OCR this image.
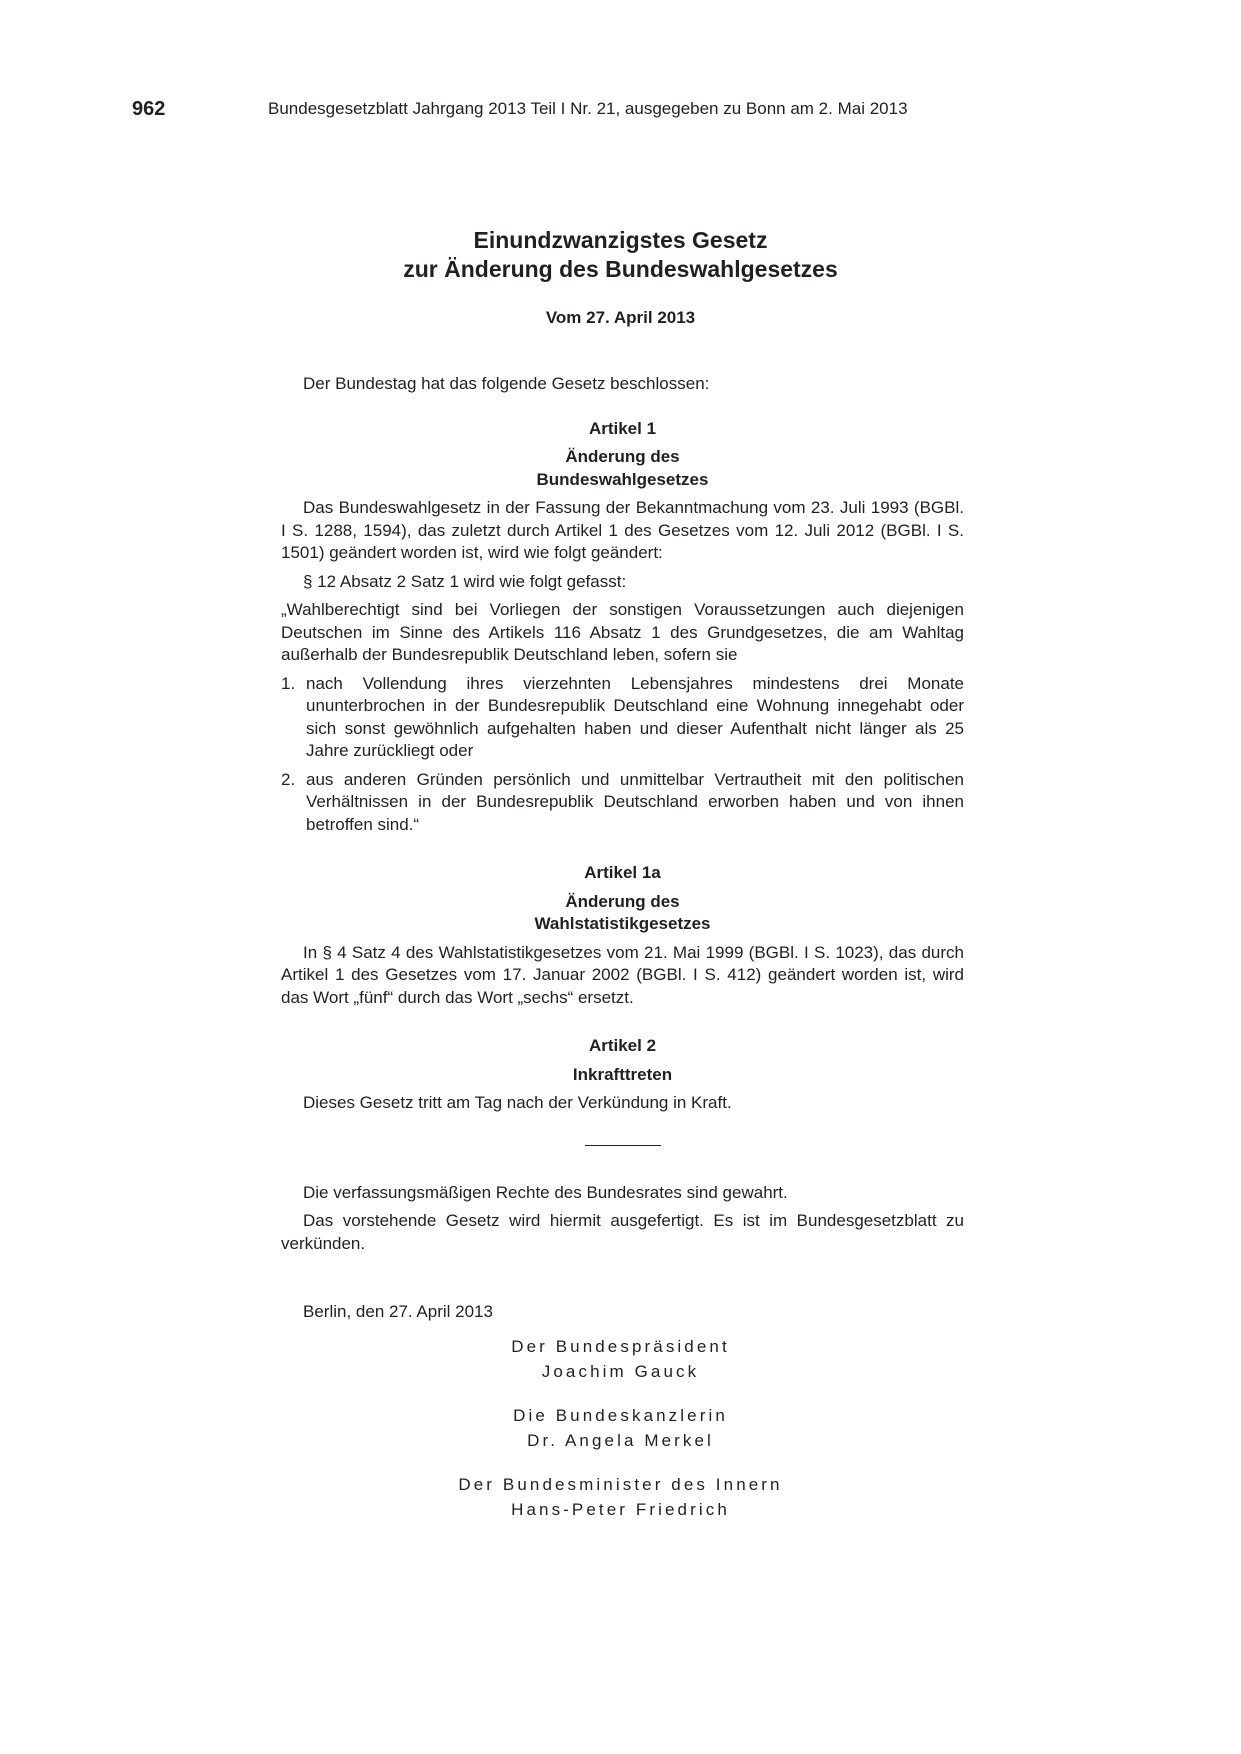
962	Bundesgesetzblatt Jahrgang 2013 Teil I Nr. 21, ausgegeben zu Bonn am 2. Mai 2013
Einundzwanzigstes Gesetz
zur Änderung des Bundeswahlgesetzes
Vom 27. April 2013

Der Bundestag hat das folgende Gesetz beschlossen:

Artikel 1
Änderung des
Bundeswahlgesetzes

Das Bundeswahlgesetz in der Fassung der Bekanntmachung vom 23. Juli 1993 (BGBl. I S. 1288, 1594), das zuletzt durch Artikel 1 des Gesetzes vom 12. Juli 2012 (BGBl. I S. 1501) geändert worden ist, wird wie folgt geändert:

§ 12 Absatz 2 Satz 1 wird wie folgt gefasst:

„Wahlberechtigt sind bei Vorliegen der sonstigen Voraussetzungen auch diejenigen Deutschen im Sinne des Artikels 116 Absatz 1 des Grundgesetzes, die am Wahltag außerhalb der Bundesrepublik Deutschland leben, sofern sie

1. nach Vollendung ihres vierzehnten Lebensjahres mindestens drei Monate ununterbrochen in der Bundesrepublik Deutschland eine Wohnung innegehabt oder sich sonst gewöhnlich aufgehalten haben und dieser Aufenthalt nicht länger als 25 Jahre zurückliegt oder
2. aus anderen Gründen persönlich und unmittelbar Vertrautheit mit den politischen Verhältnissen in der Bundesrepublik Deutschland erworben haben und von ihnen betroffen sind.“
Artikel 1a
Änderung des
Wahlstatistikgesetzes

In § 4 Satz 4 des Wahlstatistikgesetzes vom 21. Mai 1999 (BGBl. I S. 1023), das durch Artikel 1 des Gesetzes vom 17. Januar 2002 (BGBl. I S. 412) geändert worden ist, wird das Wort „fünf“ durch das Wort „sechs“ ersetzt.

Artikel 2
Inkrafttreten

Dieses Gesetz tritt am Tag nach der Verkündung in Kraft.

Die verfassungsmäßigen Rechte des Bundesrates sind gewahrt.

Das vorstehende Gesetz wird hiermit ausgefertigt. Es ist im Bundesgesetzblatt zu verkünden.

Berlin, den 27. April 2013

Der Bundespräsident
Joachim Gauck
Die Bundeskanzlerin
Dr. Angela Merkel
Der Bundesminister des Innern
Hans-Peter Friedrich
